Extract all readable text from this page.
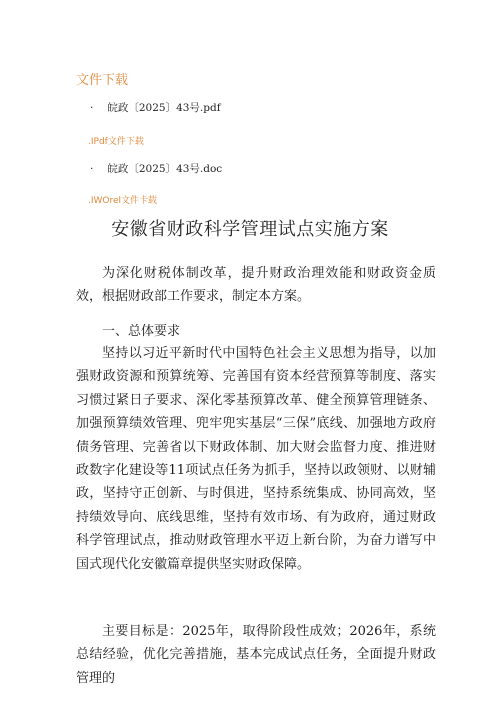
文件下载
· 皖政〔2025〕43号.pdf
.IPdf文件下载
· 皖政〔2025〕43号.doc
.IWOrel文件卡载
安徽省财政科学管理试点实施方案

为深化财税体制改革，提升财政治理效能和财政资金质效，根据财政部工作要求，制定本方案。

一、总体要求

坚持以习近平新时代中国特色社会主义思想为指导，以加强财政资源和预算统筹、完善国有资本经营预算等制度、落实习惯过紧日子要求、深化零基预算改革、健全预算管理链条、加强预算绩效管理、兜牢兜实基层“三保”底线、加强地方政府债务管理、完善省以下财政体制、加大财会监督力度、推进财政数字化建设等11项试点任务为抓手，坚持以政领财、以财辅政，坚持守正创新、与时俱进，坚持系统集成、协同高效，坚持绩效导向、底线思维，坚持有效市场、有为政府，通过财政科学管理试点，推动财政管理水平迈上新台阶，为奋力谱写中国式现代化安徽篇章提供坚实财政保障。

主要目标是：2025年，取得阶段性成效；2026年，系统总结经验，优化完善措施，基本完成试点任务，全面提升财政管理的
